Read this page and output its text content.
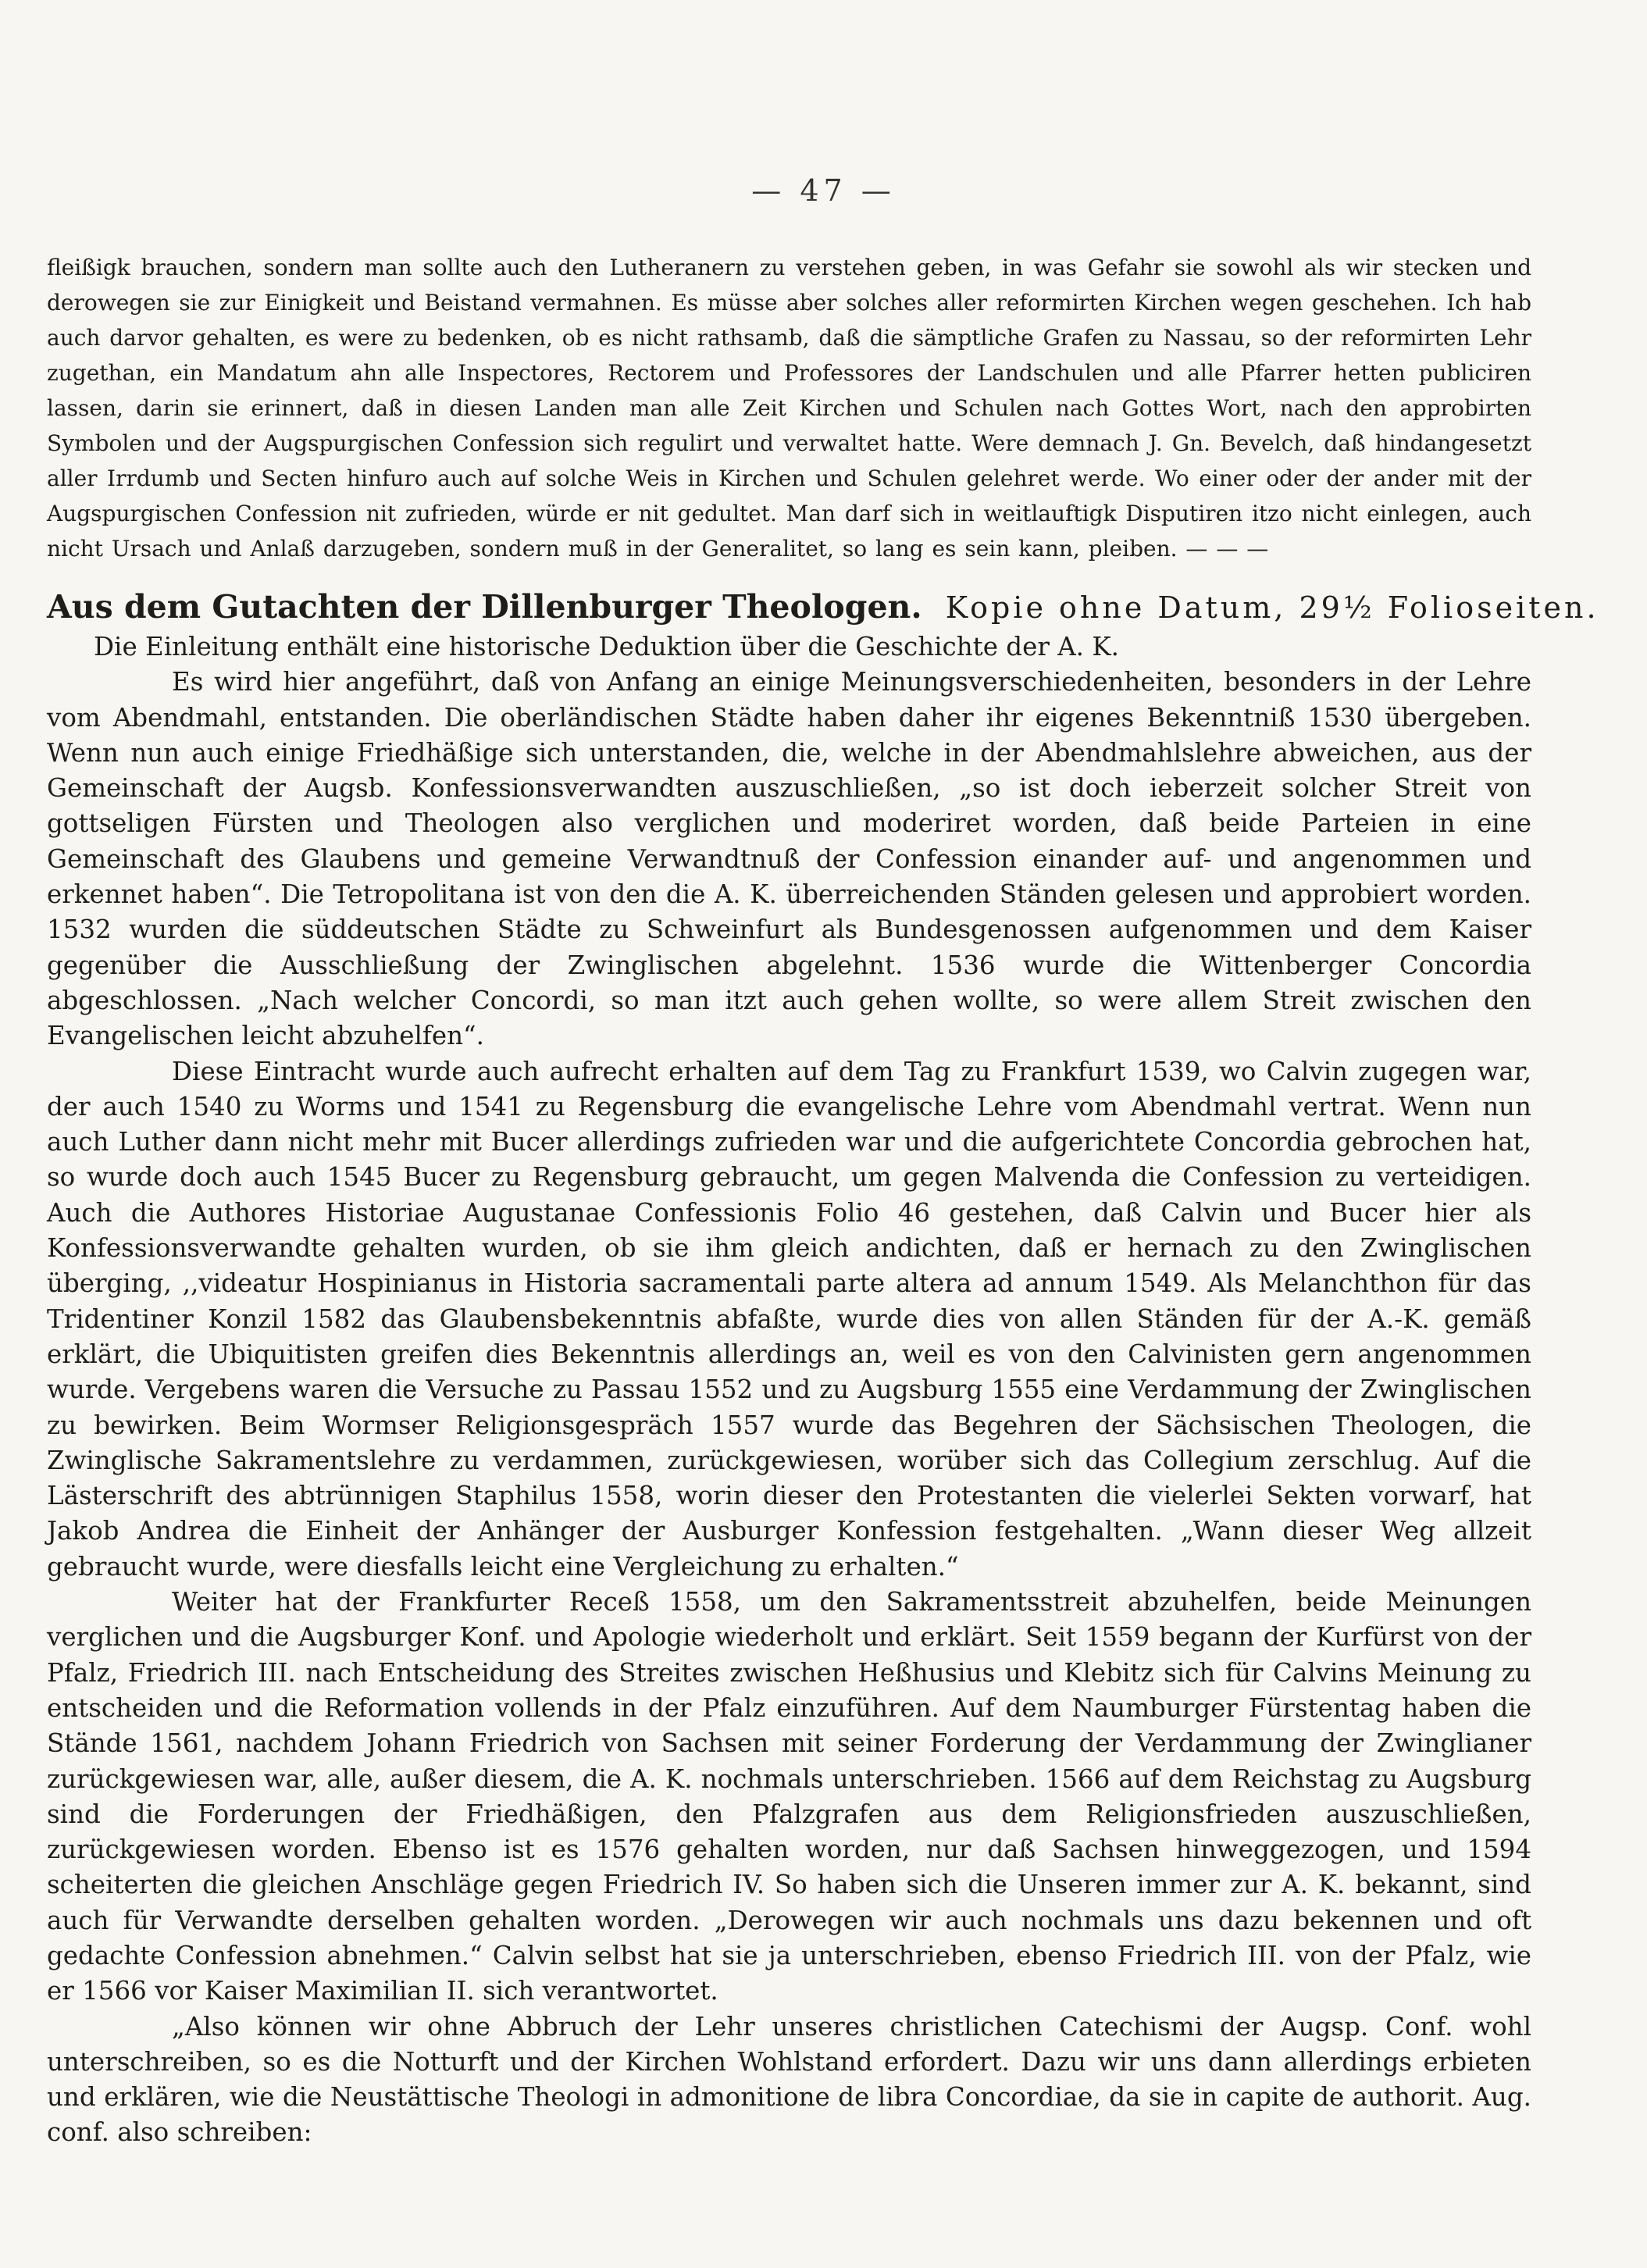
— 47 —
fleißigk brauchen, sondern man sollte auch den Lutheranern zu verstehen geben, in was Gefahr sie sowohl als wir stecken und derowegen sie zur Einigkeit und Beistand vermahnen. Es müsse aber solches aller reformirten Kirchen wegen geschehen. Ich hab auch darvor gehalten, es were zu bedenken, ob es nicht rathsamb, daß die sämptliche Grafen zu Nassau, so der reformirten Lehr zugethan, ein Mandatum ahn alle Inspectores, Rectorem und Professores der Landschulen und alle Pfarrer hetten publiciren lassen, darin sie erinnert, daß in diesen Landen man alle Zeit Kirchen und Schulen nach Gottes Wort, nach den approbirten Symbolen und der Augspurgischen Confession sich regulirt und verwaltet hatte. Were demnach J. Gn. Bevelch, daß hindangesetzt aller Irrdumb und Secten hinfuro auch auf solche Weis in Kirchen und Schulen gelehret werde. Wo einer oder der ander mit der Augspurgischen Confession nit zufrieden, würde er nit gedultet. Man darf sich in weitlauftigk Disputiren itzo nicht einlegen, auch nicht Ursach und Anlaß darzugeben, sondern muß in der Generalitet, so lang es sein kann, pleiben. — — —
Aus dem Gutachten der Dillenburger Theologen. Kopie ohne Datum, 29½ Folioseiten.

Die Einleitung enthält eine historische Deduktion über die Geschichte der A. K.

Es wird hier angeführt, daß von Anfang an einige Meinungsverschiedenheiten, besonders in der Lehre vom Abendmahl, entstanden. Die oberländischen Städte haben daher ihr eigenes Bekenntniß 1530 übergeben. Wenn nun auch einige Friedhäßige sich unterstanden, die, welche in der Abendmahlslehre abweichen, aus der Gemeinschaft der Augsb. Konfessionsverwandten auszuschließen, „so ist doch ieberzeit solcher Streit von gottseligen Fürsten und Theologen also verglichen und moderiret worden, daß beide Parteien in eine Gemeinschaft des Glaubens und gemeine Verwandtnuß der Confession einander auf- und angenommen und erkennet haben“. Die Tetropolitana ist von den die A. K. überreichenden Ständen gelesen und approbiert worden. 1532 wurden die süddeutschen Städte zu Schweinfurt als Bundesgenossen aufgenommen und dem Kaiser gegenüber die Ausschließung der Zwinglischen abgelehnt. 1536 wurde die Wittenberger Concordia abgeschlossen. „Nach welcher Concordi, so man itzt auch gehen wollte, so were allem Streit zwischen den Evangelischen leicht abzuhelfen“.

Diese Eintracht wurde auch aufrecht erhalten auf dem Tag zu Frankfurt 1539, wo Calvin zugegen war, der auch 1540 zu Worms und 1541 zu Regensburg die evangelische Lehre vom Abendmahl vertrat. Wenn nun auch Luther dann nicht mehr mit Bucer allerdings zufrieden war und die aufgerichtete Concordia gebrochen hat, so wurde doch auch 1545 Bucer zu Regensburg gebraucht, um gegen Malvenda die Confession zu verteidigen. Auch die Authores Historiae Augustanae Confessionis Folio 46 gestehen, daß Calvin und Bucer hier als Konfessionsverwandte gehalten wurden, ob sie ihm gleich andichten, daß er hernach zu den Zwinglischen überging, ,,videatur Hospinianus in Historia sacramentali parte altera ad annum 1549. Als Melanchthon für das Tridentiner Konzil 1582 das Glaubensbekenntnis abfaßte, wurde dies von allen Ständen für der A.-K. gemäß erklärt, die Ubiquitisten greifen dies Bekenntnis allerdings an, weil es von den Calvinisten gern angenommen wurde. Vergebens waren die Versuche zu Passau 1552 und zu Augsburg 1555 eine Verdammung der Zwinglischen zu bewirken. Beim Wormser Religionsgespräch 1557 wurde das Begehren der Sächsischen Theologen, die Zwinglische Sakramentslehre zu verdammen, zurückgewiesen, worüber sich das Collegium zerschlug. Auf die Lästerschrift des abtrünnigen Staphilus 1558, worin dieser den Protestanten die vielerlei Sekten vorwarf, hat Jakob Andrea die Einheit der Anhänger der Ausburger Konfession festgehalten. „Wann dieser Weg allzeit gebraucht wurde, were diesfalls leicht eine Vergleichung zu erhalten.“

Weiter hat der Frankfurter Receß 1558, um den Sakramentsstreit abzuhelfen, beide Meinungen verglichen und die Augsburger Konf. und Apologie wiederholt und erklärt. Seit 1559 begann der Kurfürst von der Pfalz, Friedrich III. nach Entscheidung des Streites zwischen Heßhusius und Klebitz sich für Calvins Meinung zu entscheiden und die Reformation vollends in der Pfalz einzuführen. Auf dem Naumburger Fürstentag haben die Stände 1561, nachdem Johann Friedrich von Sachsen mit seiner Forderung der Verdammung der Zwinglianer zurückgewiesen war, alle, außer diesem, die A. K. nochmals unterschrieben. 1566 auf dem Reichstag zu Augsburg sind die Forderungen der Friedhäßigen, den Pfalzgrafen aus dem Religionsfrieden auszuschließen, zurückgewiesen worden. Ebenso ist es 1576 gehalten worden, nur daß Sachsen hinweggezogen, und 1594 scheiterten die gleichen Anschläge gegen Friedrich IV. So haben sich die Unseren immer zur A. K. bekannt, sind auch für Verwandte derselben gehalten worden. „Derowegen wir auch nochmals uns dazu bekennen und oft gedachte Confession abnehmen.“ Calvin selbst hat sie ja unterschrieben, ebenso Friedrich III. von der Pfalz, wie er 1566 vor Kaiser Maximilian II. sich verantwortet.

„Also können wir ohne Abbruch der Lehr unseres christlichen Catechismi der Augsp. Conf. wohl unterschreiben, so es die Notturft und der Kirchen Wohlstand erfordert. Dazu wir uns dann allerdings erbieten und erklären, wie die Neustättische Theologi in admonitione de libra Concordiae, da sie in capite de authorit. Aug. conf. also schreiben:
